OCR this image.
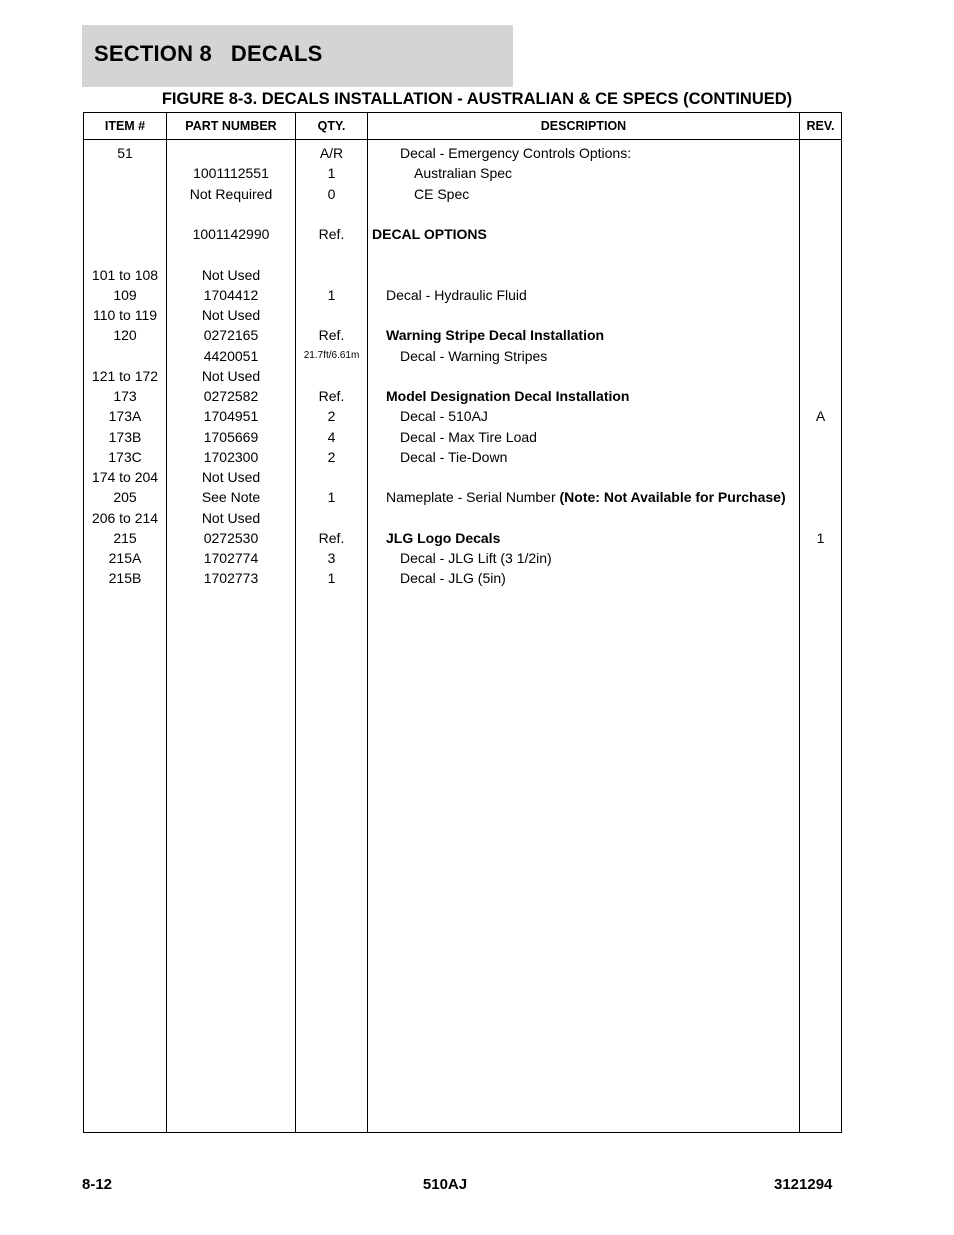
SECTION 8   DECALS
FIGURE 8-3. DECALS INSTALLATION - AUSTRALIAN & CE SPECS (CONTINUED)
ITEM #	PART NUMBER	QTY.	DESCRIPTION	REV.
51		A/R	Decal - Emergency Controls Options:	
	1001112551	1	Australian Spec	
	Not Required	0	CE Spec	

	1001142990	Ref.	DECAL OPTIONS	

101 to 108	Not Used			
109	1704412	1	Decal - Hydraulic Fluid	
110 to 119	Not Used			
120	0272165	Ref.	Warning Stripe Decal Installation	
	4420051	21.7ft/6.61m	Decal - Warning Stripes	
121 to 172	Not Used			
173	0272582	Ref.	Model Designation Decal Installation	
173A	1704951	2	Decal - 510AJ	A
173B	1705669	4	Decal - Max Tire Load	
173C	1702300	2	Decal - Tie-Down	
174 to 204	Not Used			
205	See Note	1	Nameplate - Serial Number (Note: Not Available for Purchase)	
206 to 214	Not Used			
215	0272530	Ref.	JLG Logo Decals	1
215A	1702774	3	Decal - JLG Lift (3 1/2in)	
215B	1702773	1	Decal - JLG (5in)	

8-12	510AJ	3121294
